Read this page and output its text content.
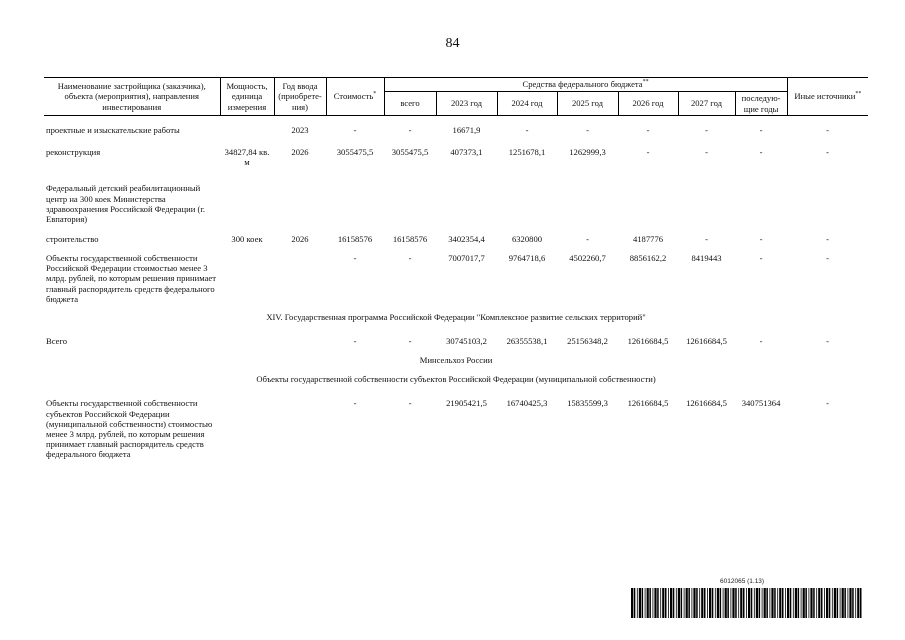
84
Наименование застройщика (заказчика), объекта (мероприятия), направления инвестирования	Мощность, единица измерения	Год ввода (приобрете-ния)	Стоимость*	Средства федерального бюджета**							Иные источники**
				всего	2023 год	2024 год	2025 год	2026 год	2027 год	последую-щие годы	
проектные и изыскательские работы		2023	-	-	16671,9	-	-	-	-	-	-
реконструкция	34827,84 кв. м	2026	3055475,5	3055475,5	407373,1	1251678,1	1262999,3	-	-	-	-
Федеральный детский реабилитационный центр на 300 коек Министерства здравоохранения Российской Федерации (г. Евпатория)											
строительство	300 коек	2026	16158576	16158576	3402354,4	6320800	-	4187776	-	-	-
Объекты государственной собственности Российской Федерации стоимостью менее 3 млрд. рублей, по которым решения принимает главный распорядитель средств федерального бюджета			-	-	7007017,7	9764718,6	4502260,7	8856162,2	8419443	-	-
XIV. Государственная программа Российской Федерации "Комплексное развитие сельских территорий"											
Всего			-	-	30745103,2	26355538,1	25156348,2	12616684,5	12616684,5	-	-
Минсельхоз России											
Объекты государственной собственности субъектов Российской Федерации (муниципальной собственности)											
Объекты государственной собственности субъектов Российской Федерации (муниципальной собственности) стоимостью менее 3 млрд. рублей, по которым решения принимает главный распорядитель средств федерального бюджета			-	-	21905421,5	16740425,3	15835599,3	12616684,5	12616684,5	340751364	-
6012065 (1.13)
